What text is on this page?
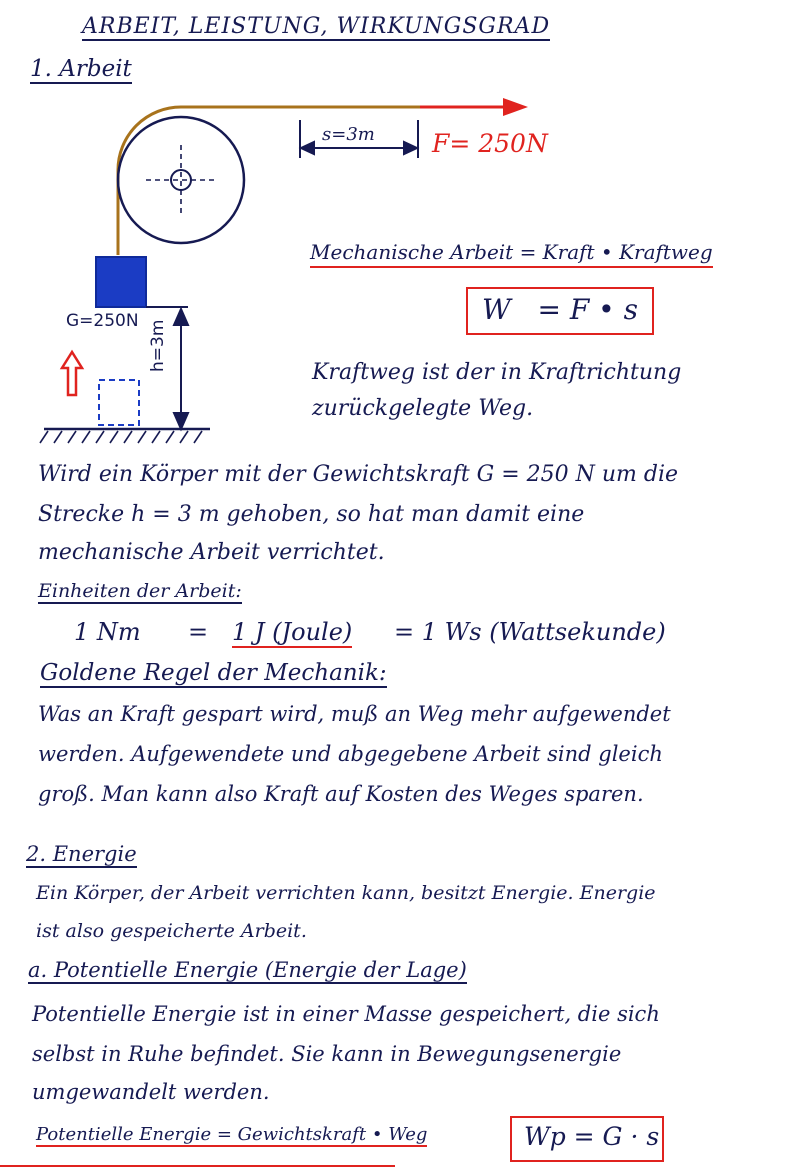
ARBEIT, LEISTUNG, WIRKUNGSGRAD
1. Arbeit
s=3m F= 250N
G=250N h=3m
Mechanische Arbeit = Kraft • Kraftweg
W   = F • s
Kraftweg ist der in Kraftrichtung
zurückgelegte Weg.
Wird ein Körper mit der Gewichtskraft G = 250 N um die
Strecke h = 3 m gehoben, so hat man damit eine
mechanische Arbeit verrichtet.
Einheiten der Arbeit:
1 Nm = 1 J (Joule) = 1 Ws (Wattsekunde)
Goldene Regel der Mechanik:
Was an Kraft gespart wird, muß an Weg mehr aufgewendet
werden. Aufgewendete und abgegebene Arbeit sind gleich
groß. Man kann also Kraft auf Kosten des Weges sparen.
2. Energie
Ein Körper, der Arbeit verrichten kann, besitzt Energie. Energie
ist also gespeicherte Arbeit.
a. Potentielle Energie (Energie der Lage)
Potentielle Energie ist in einer Masse gespeichert, die sich
selbst in Ruhe befindet. Sie kann in Bewegungsenergie
umgewandelt werden.
Potentielle Energie = Gewichtskraft • Weg	Wp = G · s
